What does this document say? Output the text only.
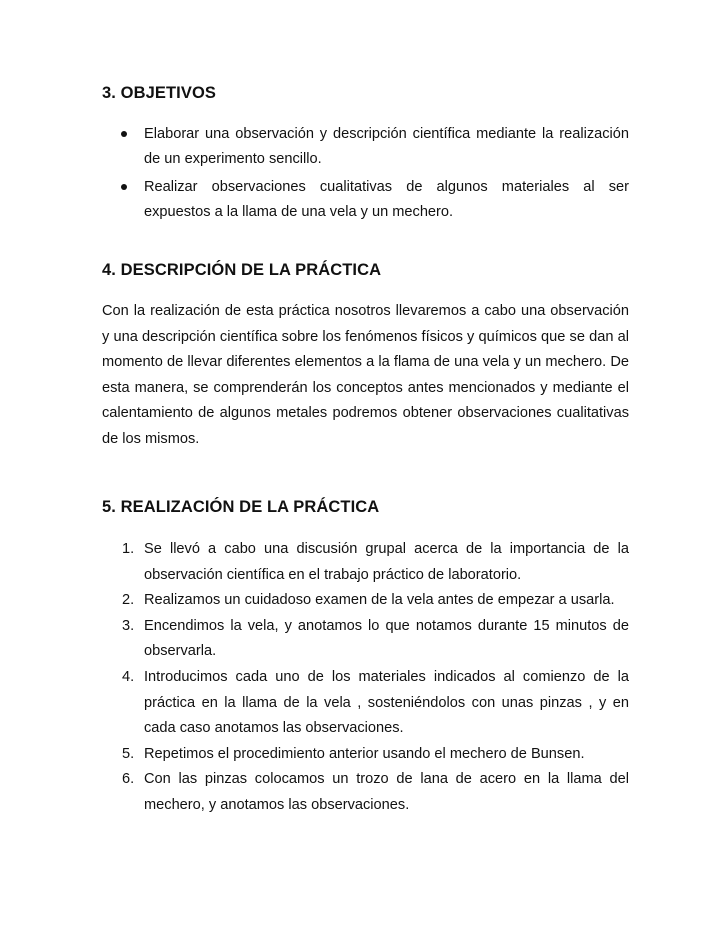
3. OBJETIVOS
Elaborar una observación y descripción científica mediante la realización de un experimento sencillo.
Realizar observaciones cualitativas de algunos materiales al ser expuestos a la llama de una vela y un mechero.
4. DESCRIPCIÓN DE LA PRÁCTICA

Con la realización de esta práctica nosotros llevaremos a cabo una observación y una descripción científica sobre los fenómenos físicos y químicos que se dan al momento de llevar diferentes elementos a la flama de una vela y un mechero. De esta manera, se comprenderán los conceptos antes mencionados y mediante el calentamiento de algunos metales podremos obtener observaciones cualitativas de los mismos.

5. REALIZACIÓN DE LA PRÁCTICA
1. Se llevó a cabo una discusión grupal acerca de la importancia de la observación científica en el trabajo práctico de laboratorio.
2. Realizamos un cuidadoso examen de la vela antes de empezar a usarla.
3. Encendimos la vela, y anotamos lo que notamos durante 15 minutos de observarla.
4. Introducimos cada uno de los materiales indicados al comienzo de la práctica en la llama de la vela , sosteniéndolos con unas pinzas , y en cada caso anotamos las observaciones.
5. Repetimos el procedimiento anterior usando el mechero de Bunsen.
6. Con las pinzas colocamos un trozo de lana de acero en la llama del mechero, y anotamos las observaciones.
